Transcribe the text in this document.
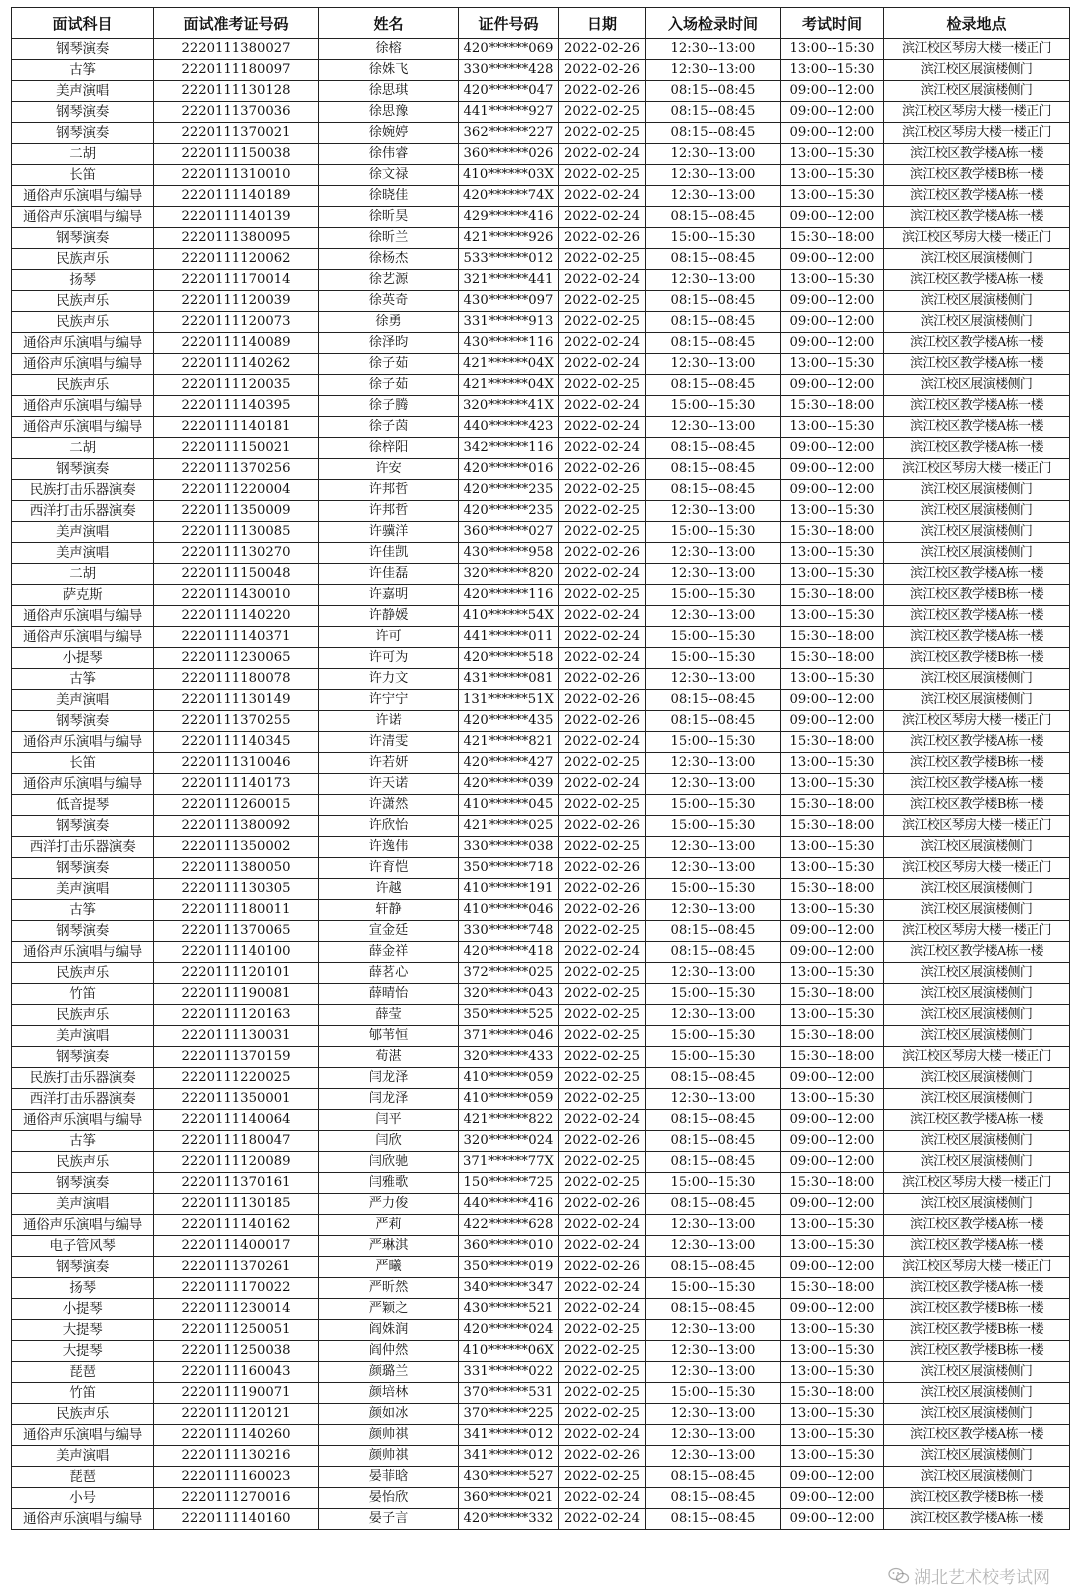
面试科目	面试准考证号码	姓名	证件号码	日期	入场检录时间	考试时间	检录地点
钢琴演奏	2220111380027	徐榕	420******069	2022-02-26	12:30--13:00	13:00--15:30	滨江校区琴房大楼一楼正门
古筝	2220111180097	徐姝飞	330******428	2022-02-26	12:30--13:00	13:00--15:30	滨江校区展演楼侧门
美声演唱	2220111130128	徐思琪	420******047	2022-02-26	08:15--08:45	09:00--12:00	滨江校区展演楼侧门
钢琴演奏	2220111370036	徐思豫	441******927	2022-02-25	08:15--08:45	09:00--12:00	滨江校区琴房大楼一楼正门
钢琴演奏	2220111370021	徐婉婷	362******227	2022-02-25	08:15--08:45	09:00--12:00	滨江校区琴房大楼一楼正门
二胡	2220111150038	徐伟睿	360******026	2022-02-24	12:30--13:00	13:00--15:30	滨江校区教学楼A栋一楼
长笛	2220111310010	徐文禄	410******03X	2022-02-25	12:30--13:00	13:00--15:30	滨江校区教学楼B栋一楼
通俗声乐演唱与编导	2220111140189	徐晓佳	420******74X	2022-02-24	12:30--13:00	13:00--15:30	滨江校区教学楼A栋一楼
通俗声乐演唱与编导	2220111140139	徐昕昊	429******416	2022-02-24	08:15--08:45	09:00--12:00	滨江校区教学楼A栋一楼
钢琴演奏	2220111380095	徐昕兰	421******926	2022-02-26	15:00--15:30	15:30--18:00	滨江校区琴房大楼一楼正门
民族声乐	2220111120062	徐杨杰	533******012	2022-02-25	08:15--08:45	09:00--12:00	滨江校区展演楼侧门
扬琴	2220111170014	徐艺源	321******441	2022-02-24	12:30--13:00	13:00--15:30	滨江校区教学楼A栋一楼
民族声乐	2220111120039	徐英奇	430******097	2022-02-25	08:15--08:45	09:00--12:00	滨江校区展演楼侧门
民族声乐	2220111120073	徐勇	331******913	2022-02-25	08:15--08:45	09:00--12:00	滨江校区展演楼侧门
通俗声乐演唱与编导	2220111140089	徐泽昀	430******116	2022-02-24	08:15--08:45	09:00--12:00	滨江校区教学楼A栋一楼
通俗声乐演唱与编导	2220111140262	徐子茹	421******04X	2022-02-24	12:30--13:00	13:00--15:30	滨江校区教学楼A栋一楼
民族声乐	2220111120035	徐子茹	421******04X	2022-02-25	08:15--08:45	09:00--12:00	滨江校区展演楼侧门
通俗声乐演唱与编导	2220111140395	徐子腾	320******41X	2022-02-24	15:00--15:30	15:30--18:00	滨江校区教学楼A栋一楼
通俗声乐演唱与编导	2220111140181	徐子茵	440******423	2022-02-24	12:30--13:00	13:00--15:30	滨江校区教学楼A栋一楼
二胡	2220111150021	徐梓阳	342******116	2022-02-24	08:15--08:45	09:00--12:00	滨江校区教学楼A栋一楼
钢琴演奏	2220111370256	许安	420******016	2022-02-26	08:15--08:45	09:00--12:00	滨江校区琴房大楼一楼正门
民族打击乐器演奏	2220111220004	许邦哲	420******235	2022-02-25	08:15--08:45	09:00--12:00	滨江校区展演楼侧门
西洋打击乐器演奏	2220111350009	许邦哲	420******235	2022-02-25	12:30--13:00	13:00--15:30	滨江校区展演楼侧门
美声演唱	2220111130085	许骥洋	360******027	2022-02-25	15:00--15:30	15:30--18:00	滨江校区展演楼侧门
美声演唱	2220111130270	许佳凯	430******958	2022-02-26	12:30--13:00	13:00--15:30	滨江校区展演楼侧门
二胡	2220111150048	许佳磊	320******820	2022-02-24	12:30--13:00	13:00--15:30	滨江校区教学楼A栋一楼
萨克斯	2220111430010	许嘉明	420******116	2022-02-25	15:00--15:30	15:30--18:00	滨江校区教学楼B栋一楼
通俗声乐演唱与编导	2220111140220	许静媛	410******54X	2022-02-24	12:30--13:00	13:00--15:30	滨江校区教学楼A栋一楼
通俗声乐演唱与编导	2220111140371	许可	441******011	2022-02-24	15:00--15:30	15:30--18:00	滨江校区教学楼A栋一楼
小提琴	2220111230065	许可为	420******518	2022-02-24	15:00--15:30	15:30--18:00	滨江校区教学楼B栋一楼
古筝	2220111180078	许力文	431******081	2022-02-26	12:30--13:00	13:00--15:30	滨江校区展演楼侧门
美声演唱	2220111130149	许宁宁	131******51X	2022-02-26	08:15--08:45	09:00--12:00	滨江校区展演楼侧门
钢琴演奏	2220111370255	许诺	420******435	2022-02-26	08:15--08:45	09:00--12:00	滨江校区琴房大楼一楼正门
通俗声乐演唱与编导	2220111140345	许清雯	421******821	2022-02-24	15:00--15:30	15:30--18:00	滨江校区教学楼A栋一楼
长笛	2220111310046	许若妍	420******427	2022-02-25	12:30--13:00	13:00--15:30	滨江校区教学楼B栋一楼
通俗声乐演唱与编导	2220111140173	许天诺	420******039	2022-02-24	12:30--13:00	13:00--15:30	滨江校区教学楼A栋一楼
低音提琴	2220111260015	许潇然	410******045	2022-02-25	15:00--15:30	15:30--18:00	滨江校区教学楼B栋一楼
钢琴演奏	2220111380092	许欣怡	421******025	2022-02-26	15:00--15:30	15:30--18:00	滨江校区琴房大楼一楼正门
西洋打击乐器演奏	2220111350002	许逸伟	330******038	2022-02-25	12:30--13:00	13:00--15:30	滨江校区展演楼侧门
钢琴演奏	2220111380050	许育恺	350******718	2022-02-26	12:30--13:00	13:00--15:30	滨江校区琴房大楼一楼正门
美声演唱	2220111130305	许越	410******191	2022-02-26	15:00--15:30	15:30--18:00	滨江校区展演楼侧门
古筝	2220111180011	轩静	410******046	2022-02-26	12:30--13:00	13:00--15:30	滨江校区展演楼侧门
钢琴演奏	2220111370065	宣金廷	330******748	2022-02-25	08:15--08:45	09:00--12:00	滨江校区琴房大楼一楼正门
通俗声乐演唱与编导	2220111140100	薛金祥	420******418	2022-02-24	08:15--08:45	09:00--12:00	滨江校区教学楼A栋一楼
民族声乐	2220111120101	薛茗心	372******025	2022-02-25	12:30--13:00	13:00--15:30	滨江校区展演楼侧门
竹笛	2220111190081	薛晴怡	320******043	2022-02-25	15:00--15:30	15:30--18:00	滨江校区展演楼侧门
民族声乐	2220111120163	薛莹	350******525	2022-02-25	12:30--13:00	13:00--15:30	滨江校区展演楼侧门
美声演唱	2220111130031	郇苇恒	371******046	2022-02-25	15:00--15:30	15:30--18:00	滨江校区展演楼侧门
钢琴演奏	2220111370159	荀湛	320******433	2022-02-25	15:00--15:30	15:30--18:00	滨江校区琴房大楼一楼正门
民族打击乐器演奏	2220111220025	闫龙泽	410******059	2022-02-25	08:15--08:45	09:00--12:00	滨江校区展演楼侧门
西洋打击乐器演奏	2220111350001	闫龙泽	410******059	2022-02-25	12:30--13:00	13:00--15:30	滨江校区展演楼侧门
通俗声乐演唱与编导	2220111140064	闫平	421******822	2022-02-24	08:15--08:45	09:00--12:00	滨江校区教学楼A栋一楼
古筝	2220111180047	闫欣	320******024	2022-02-26	08:15--08:45	09:00--12:00	滨江校区展演楼侧门
民族声乐	2220111120089	闫欣驰	371******77X	2022-02-25	08:15--08:45	09:00--12:00	滨江校区展演楼侧门
钢琴演奏	2220111370161	闫雅歌	150******725	2022-02-25	15:00--15:30	15:30--18:00	滨江校区琴房大楼一楼正门
美声演唱	2220111130185	严力俊	440******416	2022-02-26	08:15--08:45	09:00--12:00	滨江校区展演楼侧门
通俗声乐演唱与编导	2220111140162	严莉	422******628	2022-02-24	12:30--13:00	13:00--15:30	滨江校区教学楼A栋一楼
电子管风琴	2220111400017	严琳淇	360******010	2022-02-24	12:30--13:00	13:00--15:30	滨江校区教学楼A栋一楼
钢琴演奏	2220111370261	严曦	350******019	2022-02-26	08:15--08:45	09:00--12:00	滨江校区琴房大楼一楼正门
扬琴	2220111170022	严昕然	340******347	2022-02-24	15:00--15:30	15:30--18:00	滨江校区教学楼A栋一楼
小提琴	2220111230014	严颖之	430******521	2022-02-24	08:15--08:45	09:00--12:00	滨江校区教学楼B栋一楼
大提琴	2220111250051	阎姝润	420******024	2022-02-25	12:30--13:00	13:00--15:30	滨江校区教学楼B栋一楼
大提琴	2220111250038	阎仲然	410******06X	2022-02-25	12:30--13:00	13:00--15:30	滨江校区教学楼B栋一楼
琵琶	2220111160043	颜璐兰	331******022	2022-02-25	12:30--13:00	13:00--15:30	滨江校区展演楼侧门
竹笛	2220111190071	颜培林	370******531	2022-02-25	15:00--15:30	15:30--18:00	滨江校区展演楼侧门
民族声乐	2220111120121	颜如冰	370******225	2022-02-25	12:30--13:00	13:00--15:30	滨江校区展演楼侧门
通俗声乐演唱与编导	2220111140260	颜帅祺	341******012	2022-02-24	12:30--13:00	13:00--15:30	滨江校区教学楼A栋一楼
美声演唱	2220111130216	颜帅祺	341******012	2022-02-26	12:30--13:00	13:00--15:30	滨江校区展演楼侧门
琵琶	2220111160023	晏菲晗	430******527	2022-02-25	08:15--08:45	09:00--12:00	滨江校区展演楼侧门
小号	2220111270016	晏怡欣	360******021	2022-02-24	08:15--08:45	09:00--12:00	滨江校区教学楼B栋一楼
通俗声乐演唱与编导	2220111140160	晏子言	420******332	2022-02-24	08:15--08:45	09:00--12:00	滨江校区教学楼A栋一楼
湖北艺术校考试网
